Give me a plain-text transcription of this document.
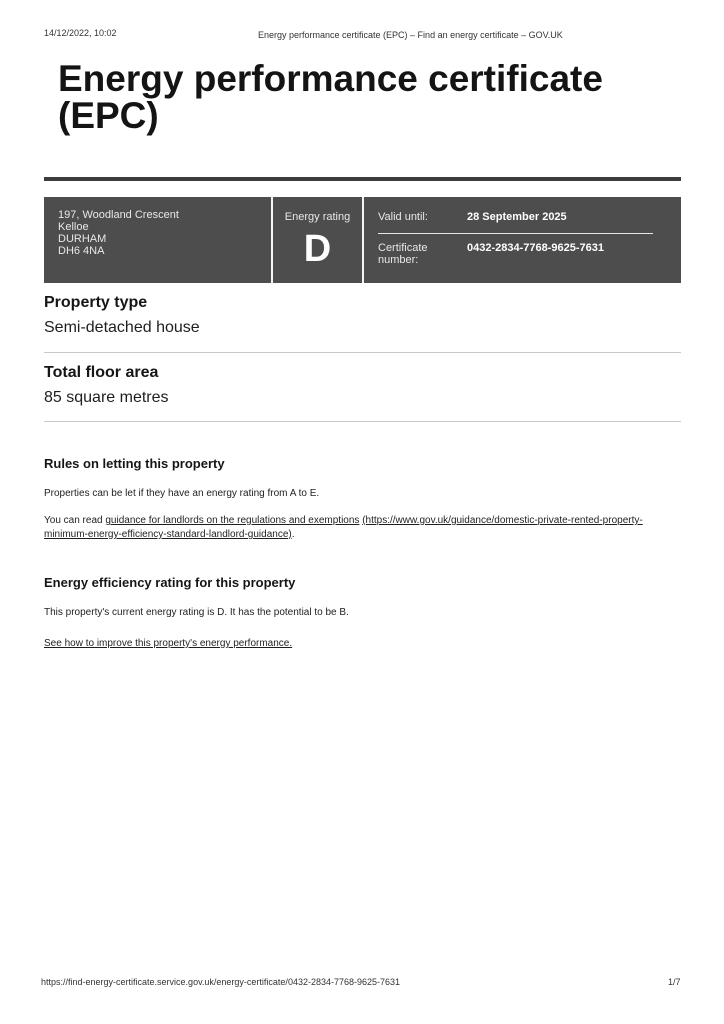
14/12/2022, 10:02	Energy performance certificate (EPC) – Find an energy certificate – GOV.UK
Energy performance certificate
(EPC)
197, Woodland Crescent
Kelloe
DURHAM
DH6 4NA
Energy rating
D
Valid until:	28 September 2025
Certificate
number:
0432-2834-7768-9625-7631
Property type
Semi-detached house
Total floor area
85 square metres
Rules on letting this property

Properties can be let if they have an energy rating from A to E.

You can read guidance for landlords on the regulations and exemptions (https://www.gov.uk/guidance/domestic-private-rented-property-minimum-energy-efficiency-standard-landlord-guidance).

Energy efficiency rating for this property

This property's current energy rating is D. It has the potential to be B.

See how to improve this property's energy performance.
https://find-energy-certificate.service.gov.uk/energy-certificate/0432-2834-7768-9625-7631	1/7
